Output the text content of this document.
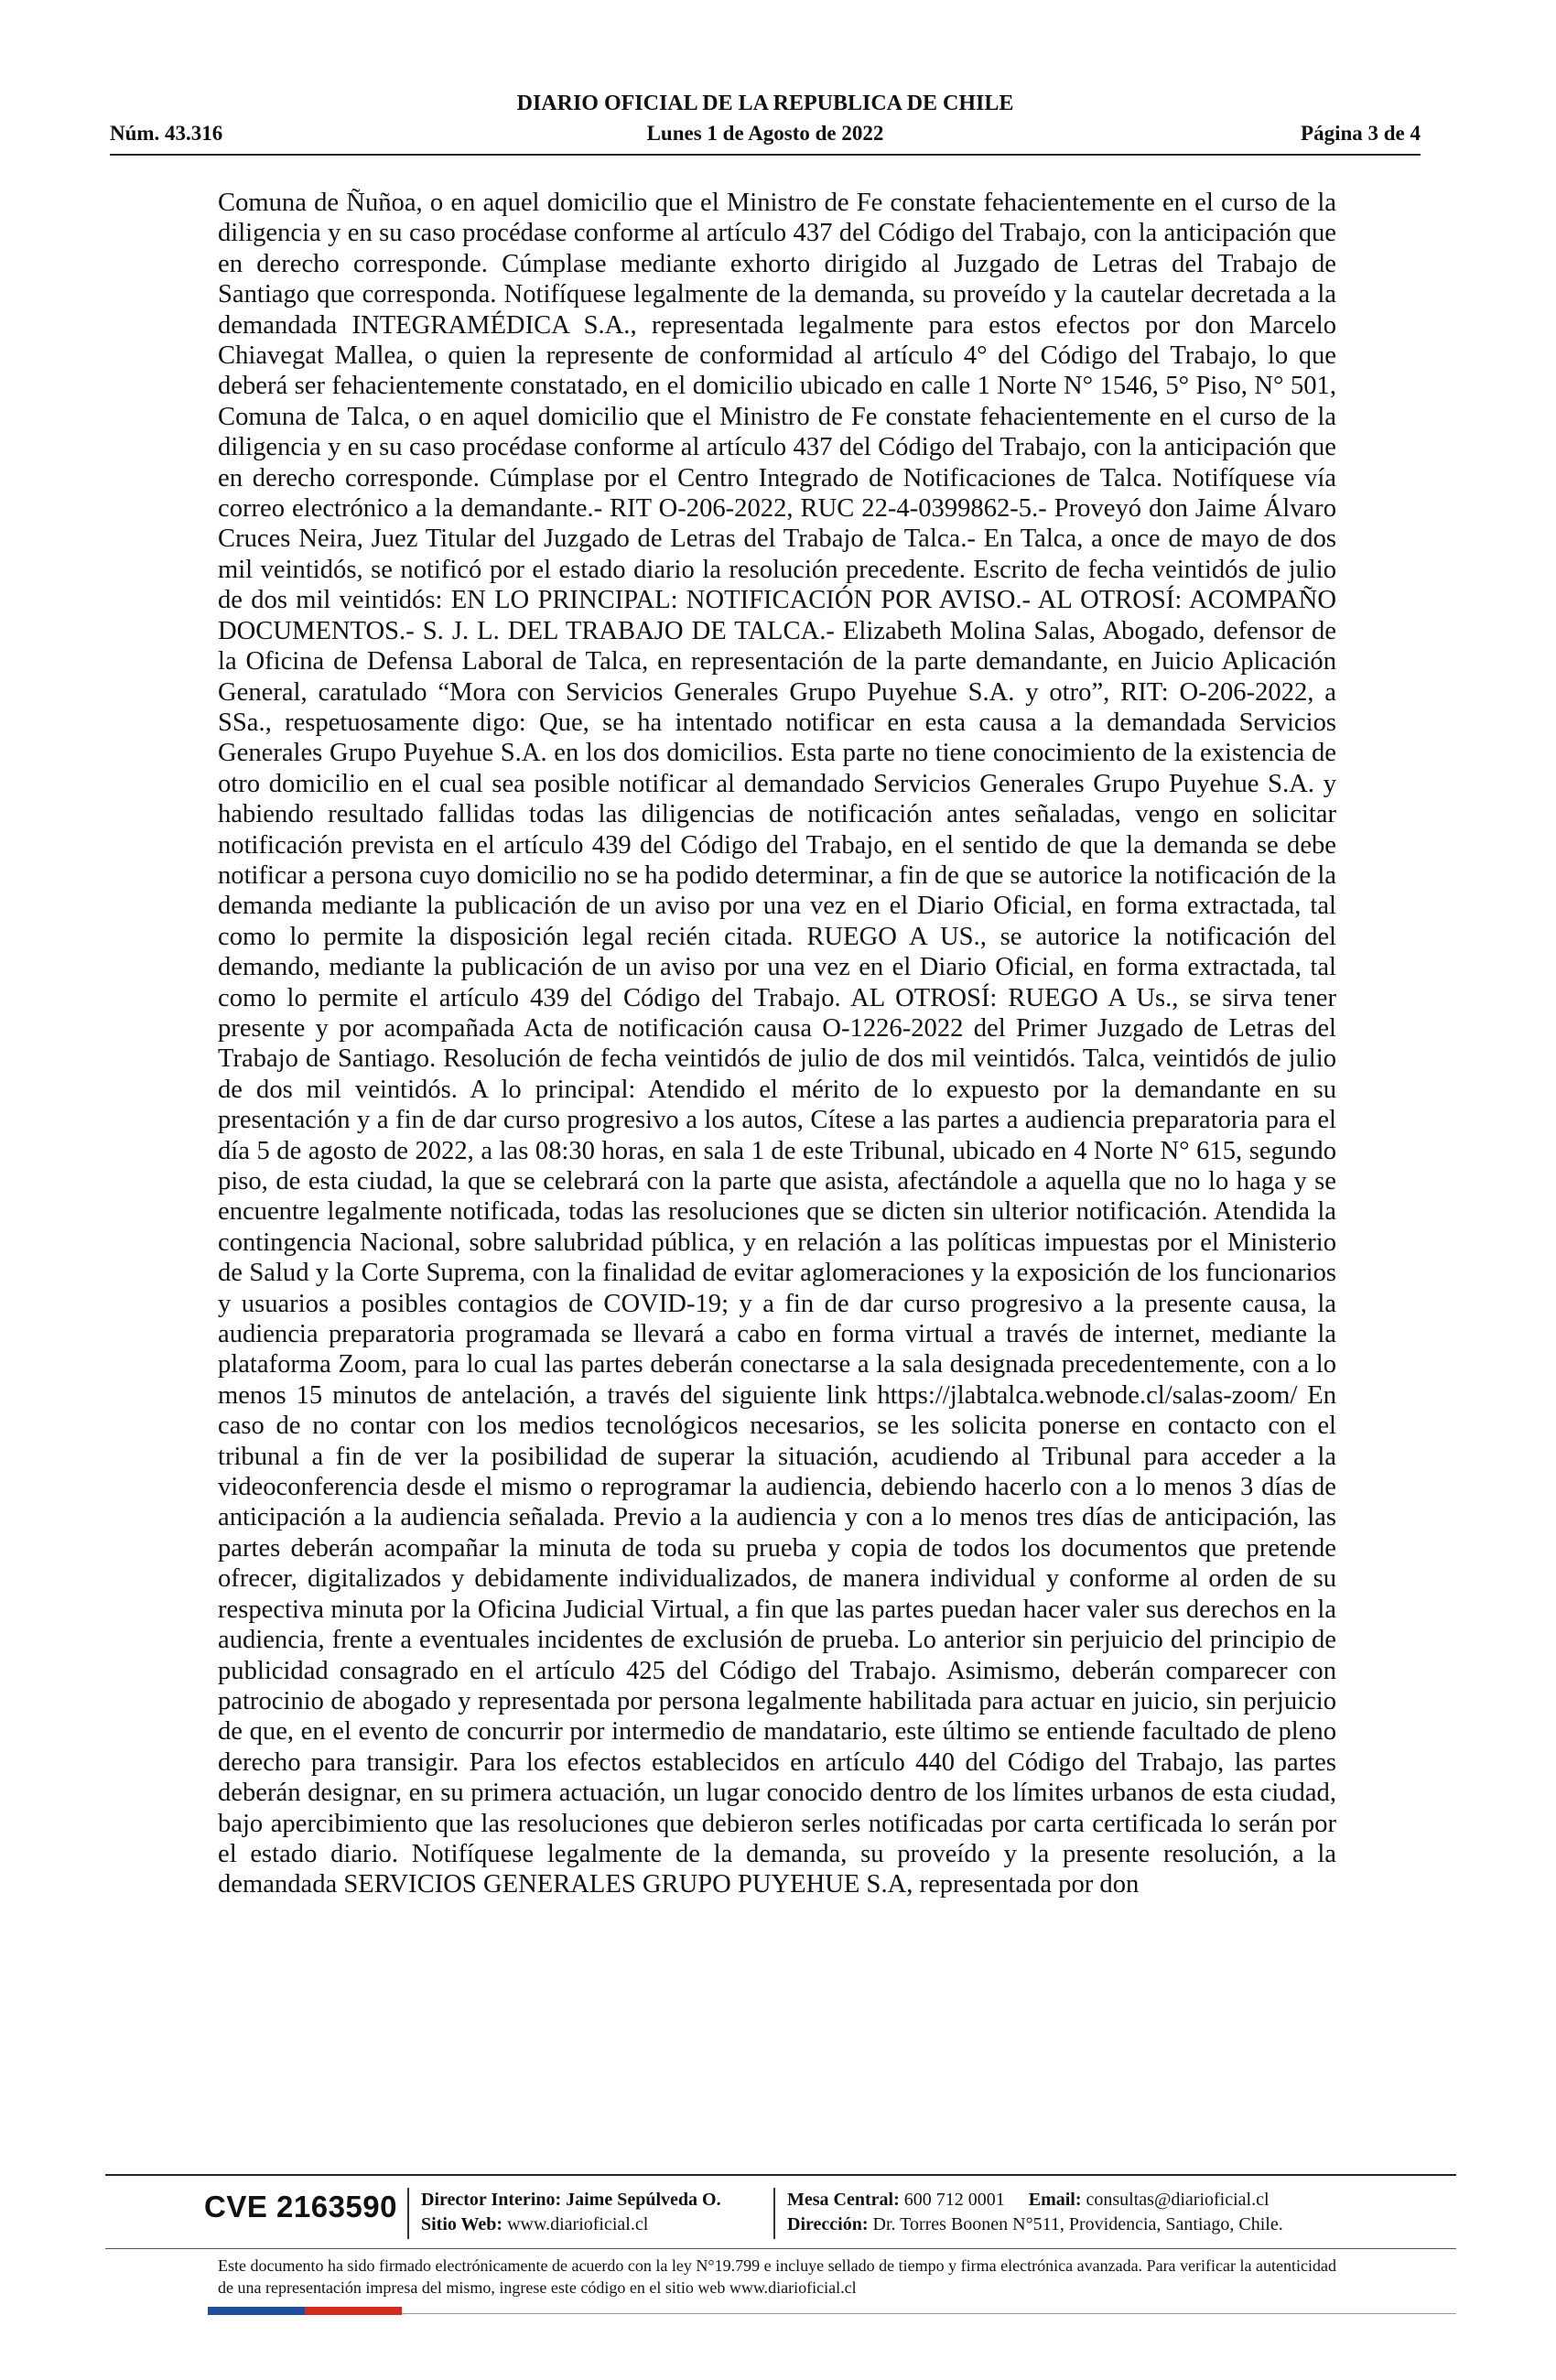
DIARIO OFICIAL DE LA REPUBLICA DE CHILE
Núm. 43.316	Lunes 1 de Agosto de 2022	Página 3 de 4

Comuna de Ñuñoa, o en aquel domicilio que el Ministro de Fe constate fehacientemente en el curso de la diligencia y en su caso procédase conforme al artículo 437 del Código del Trabajo, con la anticipación que en derecho corresponde. Cúmplase mediante exhorto dirigido al Juzgado de Letras del Trabajo de Santiago que corresponda. Notifíquese legalmente de la demanda, su proveído y la cautelar decretada a la demandada INTEGRAMÉDICA S.A., representada legalmente para estos efectos por don Marcelo Chiavegat Mallea, o quien la represente de conformidad al artículo 4° del Código del Trabajo, lo que deberá ser fehacientemente constatado, en el domicilio ubicado en calle 1 Norte N° 1546, 5° Piso, N° 501, Comuna de Talca, o en aquel domicilio que el Ministro de Fe constate fehacientemente en el curso de la diligencia y en su caso procédase conforme al artículo 437 del Código del Trabajo, con la anticipación que en derecho corresponde. Cúmplase por el Centro Integrado de Notificaciones de Talca. Notifíquese vía correo electrónico a la demandante.- RIT O-206-2022, RUC 22-4-0399862-5.- Proveyó don Jaime Álvaro Cruces Neira, Juez Titular del Juzgado de Letras del Trabajo de Talca.- En Talca, a once de mayo de dos mil veintidós, se notificó por el estado diario la resolución precedente. Escrito de fecha veintidós de julio de dos mil veintidós: EN LO PRINCIPAL: NOTIFICACIÓN POR AVISO.- AL OTROSÍ: ACOMPAÑO DOCUMENTOS.- S. J. L. DEL TRABAJO DE TALCA.- Elizabeth Molina Salas, Abogado, defensor de la Oficina de Defensa Laboral de Talca, en representación de la parte demandante, en Juicio Aplicación General, caratulado “Mora con Servicios Generales Grupo Puyehue S.A. y otro”, RIT: O-206-2022, a SSa., respetuosamente digo: Que, se ha intentado notificar en esta causa a la demandada Servicios Generales Grupo Puyehue S.A. en los dos domicilios. Esta parte no tiene conocimiento de la existencia de otro domicilio en el cual sea posible notificar al demandado Servicios Generales Grupo Puyehue S.A. y habiendo resultado fallidas todas las diligencias de notificación antes señaladas, vengo en solicitar notificación prevista en el artículo 439 del Código del Trabajo, en el sentido de que la demanda se debe notificar a persona cuyo domicilio no se ha podido determinar, a fin de que se autorice la notificación de la demanda mediante la publicación de un aviso por una vez en el Diario Oficial, en forma extractada, tal como lo permite la disposición legal recién citada. RUEGO A US., se autorice la notificación del demando, mediante la publicación de un aviso por una vez en el Diario Oficial, en forma extractada, tal como lo permite el artículo 439 del Código del Trabajo. AL OTROSÍ: RUEGO A Us., se sirva tener presente y por acompañada Acta de notificación causa O-1226-2022 del Primer Juzgado de Letras del Trabajo de Santiago. Resolución de fecha veintidós de julio de dos mil veintidós. Talca, veintidós de julio de dos mil veintidós. A lo principal: Atendido el mérito de lo expuesto por la demandante en su presentación y a fin de dar curso progresivo a los autos, Cítese a las partes a audiencia preparatoria para el día 5 de agosto de 2022, a las 08:30 horas, en sala 1 de este Tribunal, ubicado en 4 Norte N° 615, segundo piso, de esta ciudad, la que se celebrará con la parte que asista, afectándole a aquella que no lo haga y se encuentre legalmente notificada, todas las resoluciones que se dicten sin ulterior notificación. Atendida la contingencia Nacional, sobre salubridad pública, y en relación a las políticas impuestas por el Ministerio de Salud y la Corte Suprema, con la finalidad de evitar aglomeraciones y la exposición de los funcionarios y usuarios a posibles contagios de COVID-19; y a fin de dar curso progresivo a la presente causa, la audiencia preparatoria programada se llevará a cabo en forma virtual a través de internet, mediante la plataforma Zoom, para lo cual las partes deberán conectarse a la sala designada precedentemente, con a lo menos 15 minutos de antelación, a través del siguiente link https://jlabtalca.webnode.cl/salas-zoom/ En caso de no contar con los medios tecnológicos necesarios, se les solicita ponerse en contacto con el tribunal a fin de ver la posibilidad de superar la situación, acudiendo al Tribunal para acceder a la videoconferencia desde el mismo o reprogramar la audiencia, debiendo hacerlo con a lo menos 3 días de anticipación a la audiencia señalada. Previo a la audiencia y con a lo menos tres días de anticipación, las partes deberán acompañar la minuta de toda su prueba y copia de todos los documentos que pretende ofrecer, digitalizados y debidamente individualizados, de manera individual y conforme al orden de su respectiva minuta por la Oficina Judicial Virtual, a fin que las partes puedan hacer valer sus derechos en la audiencia, frente a eventuales incidentes de exclusión de prueba. Lo anterior sin perjuicio del principio de publicidad consagrado en el artículo 425 del Código del Trabajo. Asimismo, deberán comparecer con patrocinio de abogado y representada por persona legalmente habilitada para actuar en juicio, sin perjuicio de que, en el evento de concurrir por intermedio de mandatario, este último se entiende facultado de pleno derecho para transigir. Para los efectos establecidos en artículo 440 del Código del Trabajo, las partes deberán designar, en su primera actuación, un lugar conocido dentro de los límites urbanos de esta ciudad, bajo apercibimiento que las resoluciones que debieron serles notificadas por carta certificada lo serán por el estado diario. Notifíquese legalmente de la demanda, su proveído y la presente resolución, a la demandada SERVICIOS GENERALES GRUPO PUYEHUE S.A, representada por don

CVE 2163590 Director Interino: Jaime Sepúlveda O.
Sitio Web: www.diarioficial.cl
Mesa Central: 600 712 0001 Email: consultas@diarioficial.cl
Dirección: Dr. Torres Boonen N°511, Providencia, Santiago, Chile.

Este documento ha sido firmado electrónicamente de acuerdo con la ley N°19.799 e incluye sellado de tiempo y firma electrónica avanzada. Para verificar la autenticidad de una representación impresa del mismo, ingrese este código en el sitio web www.diarioficial.cl
